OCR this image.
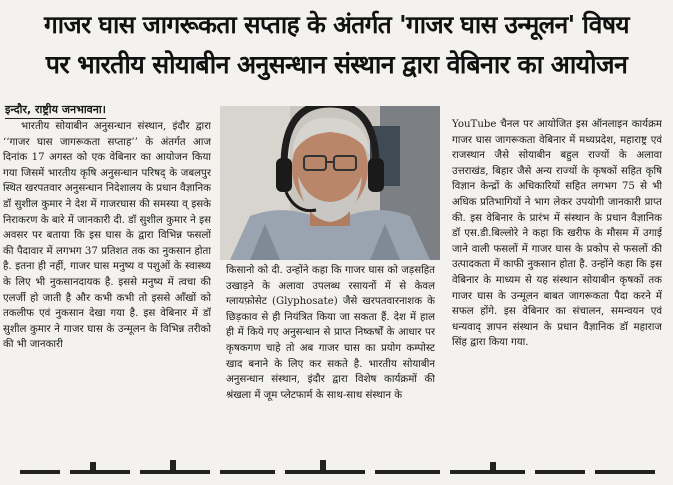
गाजर घास जागरूकता सप्ताह के अंतर्गत 'गाजर घास उन्मूलन' विषय
पर भारतीय सोयाबीन अनुसन्धान संस्थान द्वारा वेबिनार का आयोजन
इन्दौर, राष्ट्रीय जनभावना।

भारतीय सोयाबीन अनुसन्धान संस्थान, इंदौर द्वारा ‘‘गाजर घास जागरूकता सप्ताह’’ के अंतर्गत आज दिनांक 17 अगस्त को एक वेबिनार का आयोजन किया गया जिसमें भारतीय कृषि अनुसन्धान परिषद् के जबलपुर स्थित खरपतवार अनुसन्धान निदेशालय के प्रधान वैज्ञानिक डॉ सुशील कुमार ने देश में गाजरघास की समस्या व् इसके निराकरण के बारे में जानकारी दी. डॉ सुशील कुमार ने इस अवसर पर बताया कि इस घास के द्वारा विभिन्न फसलों की पैदावार में लगभग 37 प्रतिशत तक का नुकसान होता है. इतना ही नहीं, गाजर घास मनुष्य व पशुओं के स्वास्थ्य के लिए भी नुकसानदायक है. इससे मनुष्य में त्वचा की एलर्जी हो जाती है और कभी कभी तो इससे आँखों को तकलीफ एवं नुकसान देखा गया है. इस वेबिनार में डॉ सुशील कुमार ने गाजर घास के उन्मूलन के विभिन्न तरीको की भी जानकारी

किसानो को दी. उन्होंने कहा कि गाजर घास को जड़सहित उखाड़ने के अलावा उपलब्ध रसायनों में से केवल ग्लायफ़ोसेट (Glyphosate) जैसे खरपतवारनाशक के छिड़काव से ही नियंत्रित किया जा सकता हैं. देश में हाल ही में किये गए अनुसन्धान से प्राप्त निष्कर्षों के आधार पर कृषकगण चाहे तो अब गाजर घास का प्रयोग कम्पोस्ट खाद बनाने के लिए कर सकते है. भारतीय सोयाबीन अनुसन्धान संस्थान, इंदौर द्वारा विशेष कार्यक्रमों की श्रंखला में जूम प्लेटफार्म के साथ-साथ संस्थान के

YouTube चैनल पर आयोजित इस ऑनलाइन कार्यक्रम गाजर घास जागरूकता वेबिनार में मध्यप्रदेश, महाराष्ट्र एवं राजस्थान जैसे सोयाबीन बहुल राज्यों के अलावा उत्तराखंड, बिहार जैसे अन्य राज्यों के कृषकों सहित कृषि विज्ञान केन्द्रों के अधिकारियों सहित लगभग 75 से भी अधिक प्रतिभागियों ने भाग लेकर उपयोगी जानकारी प्राप्त की. इस वेबिनार के प्रारंभ में संस्थान के प्रधान वैज्ञानिक डॉ एस.डी.बिल्लोरे ने कहा कि खरीफ के मौसम में उगाई जाने वाली फसलों में गाजर घास के प्रकोप से फसलों की उत्पादकता में काफी नुकसान होता है. उन्होंने कहा कि इस वेबिनार के माध्यम से यह संस्थान सोयाबीन कृषकों तक गाजर घास के उन्मूलन बाबत जागरूकता पैदा करने में सफल होंगे. इस वेबिनार का संचालन, समन्वयन एवं धन्यवाद् ज्ञापन संस्थान के प्रधान वैज्ञानिक डॉ महाराज सिंह द्वारा किया गया.
